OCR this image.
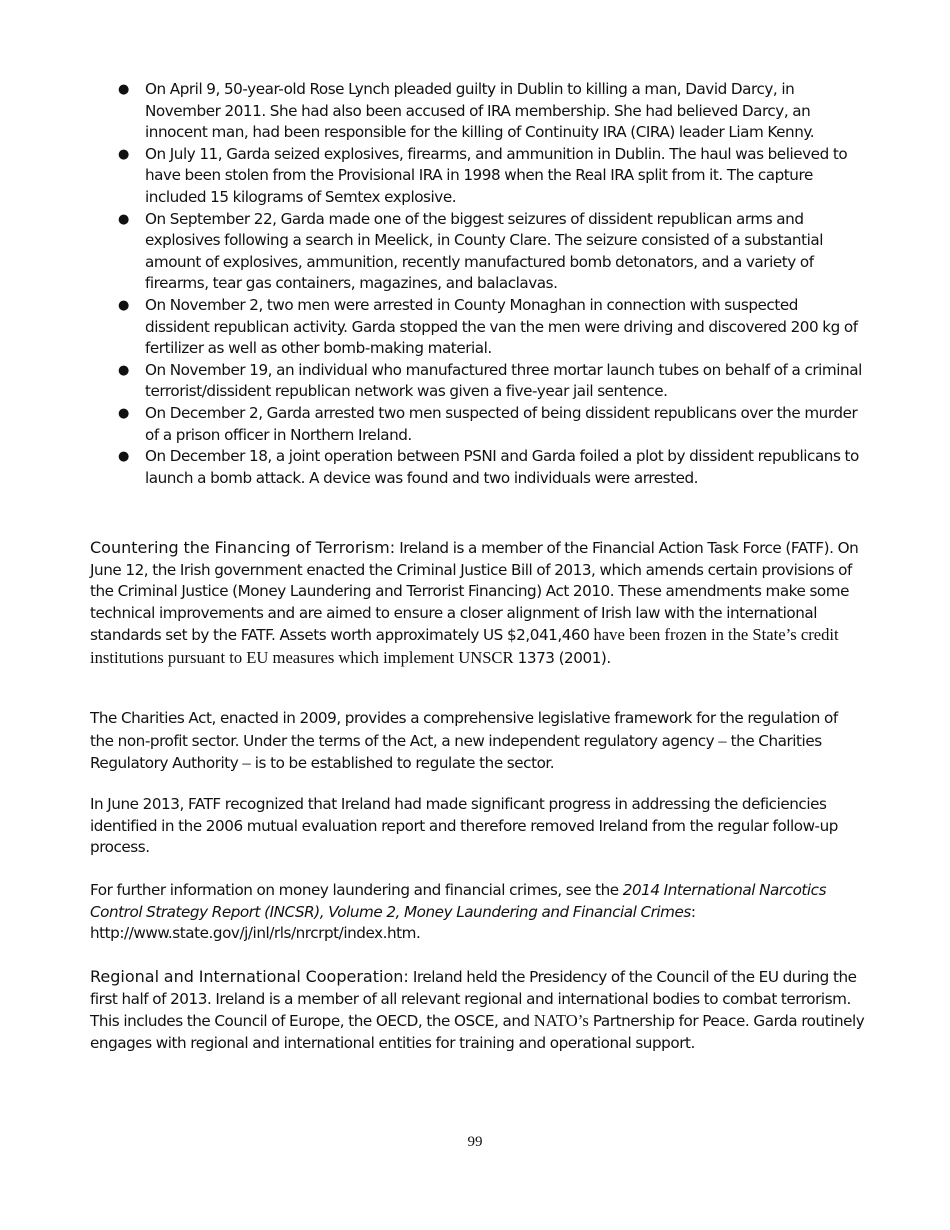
● On April 9, 50-year-old Rose Lynch pleaded guilty in Dublin to killing a man, David Darcy, in November 2011. She had also been accused of IRA membership. She had believed Darcy, an innocent man, had been responsible for the killing of Continuity IRA (CIRA) leader Liam Kenny.
● On July 11, Garda seized explosives, firearms, and ammunition in Dublin. The haul was believed to have been stolen from the Provisional IRA in 1998 when the Real IRA split from it. The capture included 15 kilograms of Semtex explosive.
● On September 22, Garda made one of the biggest seizures of dissident republican arms and explosives following a search in Meelick, in County Clare. The seizure consisted of a substantial amount of explosives, ammunition, recently manufactured bomb detonators, and a variety of firearms, tear gas containers, magazines, and balaclavas.
● On November 2, two men were arrested in County Monaghan in connection with suspected dissident republican activity. Garda stopped the van the men were driving and discovered 200 kg of fertilizer as well as other bomb-making material.
● On November 19, an individual who manufactured three mortar launch tubes on behalf of a criminal terrorist/dissident republican network was given a five-year jail sentence.
● On December 2, Garda arrested two men suspected of being dissident republicans over the murder of a prison officer in Northern Ireland.
● On December 18, a joint operation between PSNI and Garda foiled a plot by dissident republicans to launch a bomb attack. A device was found and two individuals were arrested.

Countering the Financing of Terrorism: Ireland is a member of the Financial Action Task Force (FATF). On June 12, the Irish government enacted the Criminal Justice Bill of 2013, which amends certain provisions of the Criminal Justice (Money Laundering and Terrorist Financing) Act 2010. These amendments make some technical improvements and are aimed to ensure a closer alignment of Irish law with the international standards set by the FATF. Assets worth approximately US $2,041,460 have been frozen in the State’s credit institutions pursuant to EU measures which implement UNSCR 1373 (2001).

The Charities Act, enacted in 2009, provides a comprehensive legislative framework for the regulation of the non-profit sector. Under the terms of the Act, a new independent regulatory agency – the Charities Regulatory Authority – is to be established to regulate the sector.

In June 2013, FATF recognized that Ireland had made significant progress in addressing the deficiencies identified in the 2006 mutual evaluation report and therefore removed Ireland from the regular follow-up process.

For further information on money laundering and financial crimes, see the 2014 International Narcotics Control Strategy Report (INCSR), Volume 2, Money Laundering and Financial Crimes: http://www.state.gov/j/inl/rls/nrcrpt/index.htm.

Regional and International Cooperation: Ireland held the Presidency of the Council of the EU during the first half of 2013. Ireland is a member of all relevant regional and international bodies to combat terrorism. This includes the Council of Europe, the OECD, the OSCE, and NATO’s Partnership for Peace. Garda routinely engages with regional and international entities for training and operational support.

99
